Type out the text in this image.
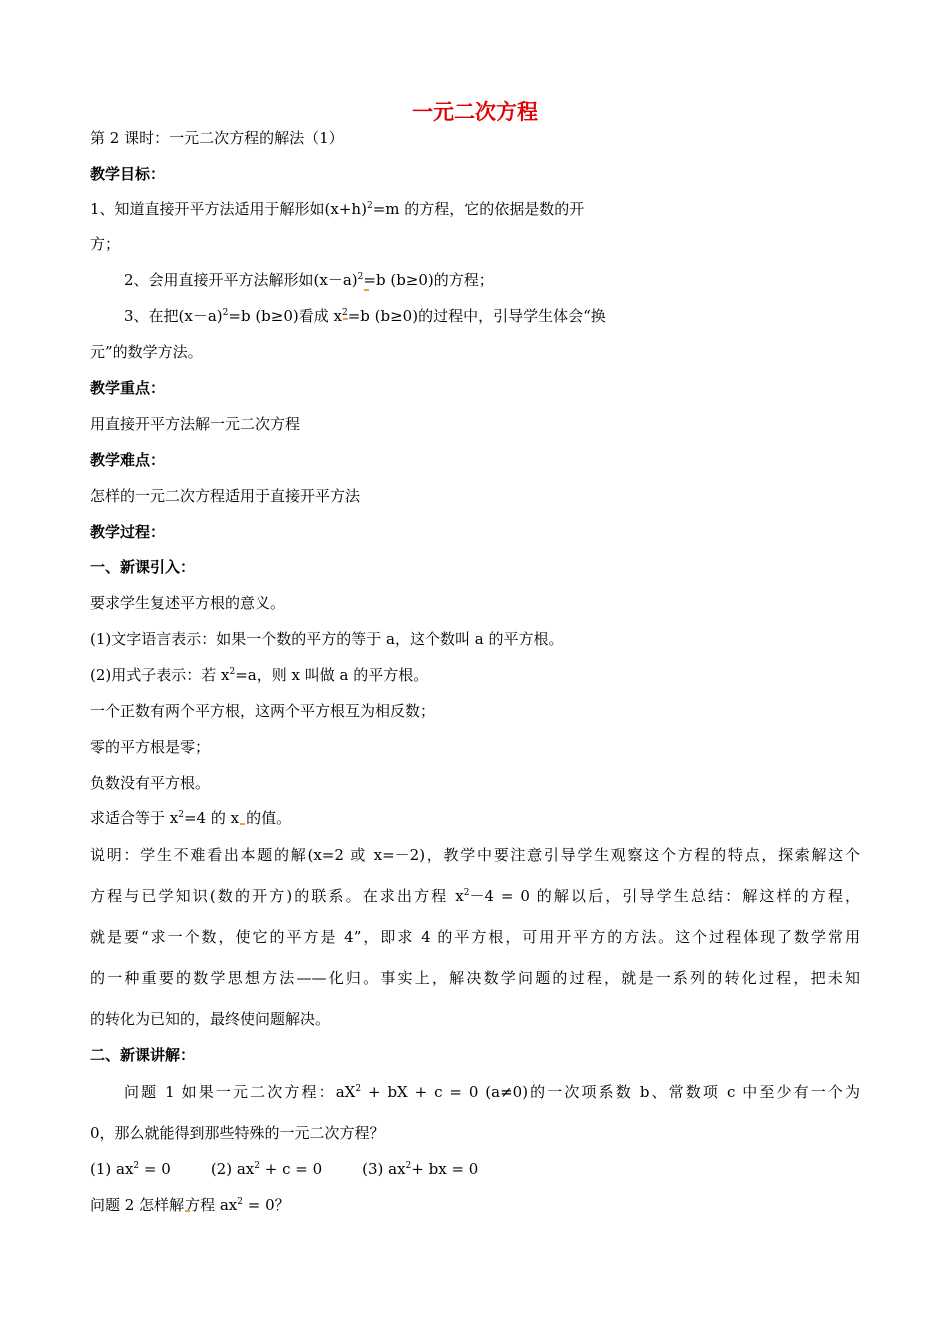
一元二次方程
第 2 课时：一元二次方程的解法（1）
教学目标：
1、知道直接开平方法适用于解形如$(x+h)^2=m$ 的方程，它的依据是数的开
方；
2、会用直接开平方法解形如$(x-a)^2=b$ (b≥0)的方程；
3、在把$(x-a)^2=b$ (b≥0)看成 $x^2=b$ (b≥0)的过程中，引导学生体会“换
元”的数学方法。
教学重点：
用直接开平方法解一元二次方程
教学难点：
怎样的一元二次方程适用于直接开平方法
教学过程：
一、新课引入：
要求学生复述平方根的意义。
(1)文字语言表示：如果一个数的平方的等于 a，这个数叫 a 的平方根。
(2)用式子表示：若 $x^2=a$，则 x 叫做 a 的平方根。
一个正数有两个平方根，这两个平方根互为相反数；
零的平方根是零；
负数没有平方根。
求适合等于 $x^2=4$ 的 x 的值。
说明：学生不难看出本题的解(x=2 或 x=－2)，教学中要注意引导学生观察这个方程的特点，探索解这个
方程与已学知识(数的开方)的联系。在求出方程 $x^2-4 = 0$ 的解以后，引导学生总结：解这样的方程，
就是要“求一个数，使它的平方是 4”，即求 4 的平方根，可用开平方的方法。这个过程体现了数学常用
的一种重要的数学思想方法——化归。事实上，解决数学问题的过程，就是一系列的转化过程，把未知
的转化为已知的，最终使问题解决。
二、新课讲解：
问题 1 如果一元二次方程：$aX^2$ + bX + c = 0 (a≠0)的一次项系数 b、常数项 c 中至少有一个为
0，那么就能得到那些特殊的一元二次方程？
(1) $ax^2 = 0$	(2) $ax^2 + c = 0$	(3) $ax^2+$ bx = 0
问题 2 怎样解方程 $ax^2 = 0$？
